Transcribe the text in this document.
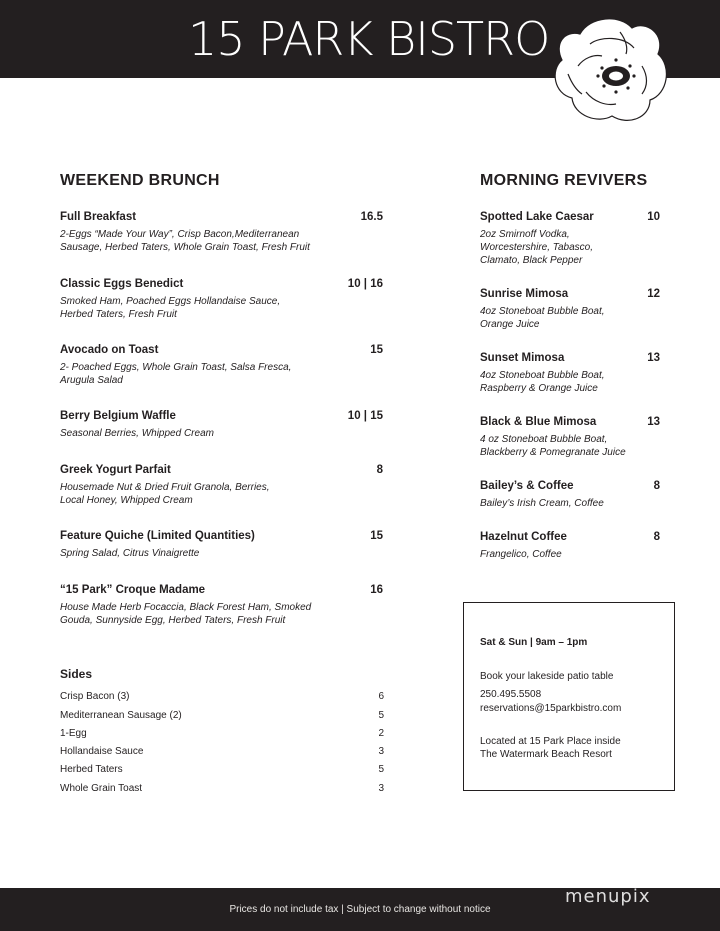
15 PARK BISTRO
WEEKEND BRUNCH
Full Breakfast	16.5
2-Eggs “Made Your Way”, Crisp Bacon,Mediterranean
Sausage, Herbed Taters, Whole Grain Toast, Fresh Fruit
Classic Eggs Benedict	10 | 16
Smoked Ham, Poached Eggs Hollandaise Sauce,
Herbed Taters, Fresh Fruit
Avocado on Toast	15
2- Poached Eggs, Whole Grain Toast, Salsa Fresca,
Arugula Salad
Berry Belgium Waffle	10 | 15
Seasonal Berries, Whipped Cream
Greek Yogurt Parfait	8
Housemade Nut & Dried Fruit Granola, Berries,
Local Honey, Whipped Cream
Feature Quiche (Limited Quantities)	15
Spring Salad, Citrus Vinaigrette
“15 Park” Croque Madame	16
House Made Herb Focaccia, Black Forest Ham, Smoked
Gouda, Sunnyside Egg, Herbed Taters, Fresh Fruit
Sides
Crisp Bacon (3)	6
Mediterranean Sausage (2)	5
1-Egg	2
Hollandaise Sauce	3
Herbed Taters	5
Whole Grain Toast	3
MORNING REVIVERS
Spotted Lake Caesar	10
2oz Smirnoff Vodka,
Worcestershire, Tabasco,
Clamato, Black Pepper
Sunrise Mimosa	12
4oz Stoneboat Bubble Boat,
Orange Juice
Sunset Mimosa	13
4oz Stoneboat Bubble Boat,
Raspberry & Orange Juice
Black & Blue Mimosa	13
4 oz Stoneboat Bubble Boat,
Blackberry & Pomegranate Juice
Bailey’s & Coffee	8
Bailey’s Irish Cream, Coffee
Hazelnut Coffee	8
Frangelico, Coffee
Sat & Sun | 9am – 1pm
Book your lakeside patio table
250.495.5508
reservations@15parkbistro.com
Located at 15 Park Place inside
The Watermark Beach Resort
Prices do not include tax | Subject to change without notice
menupix
